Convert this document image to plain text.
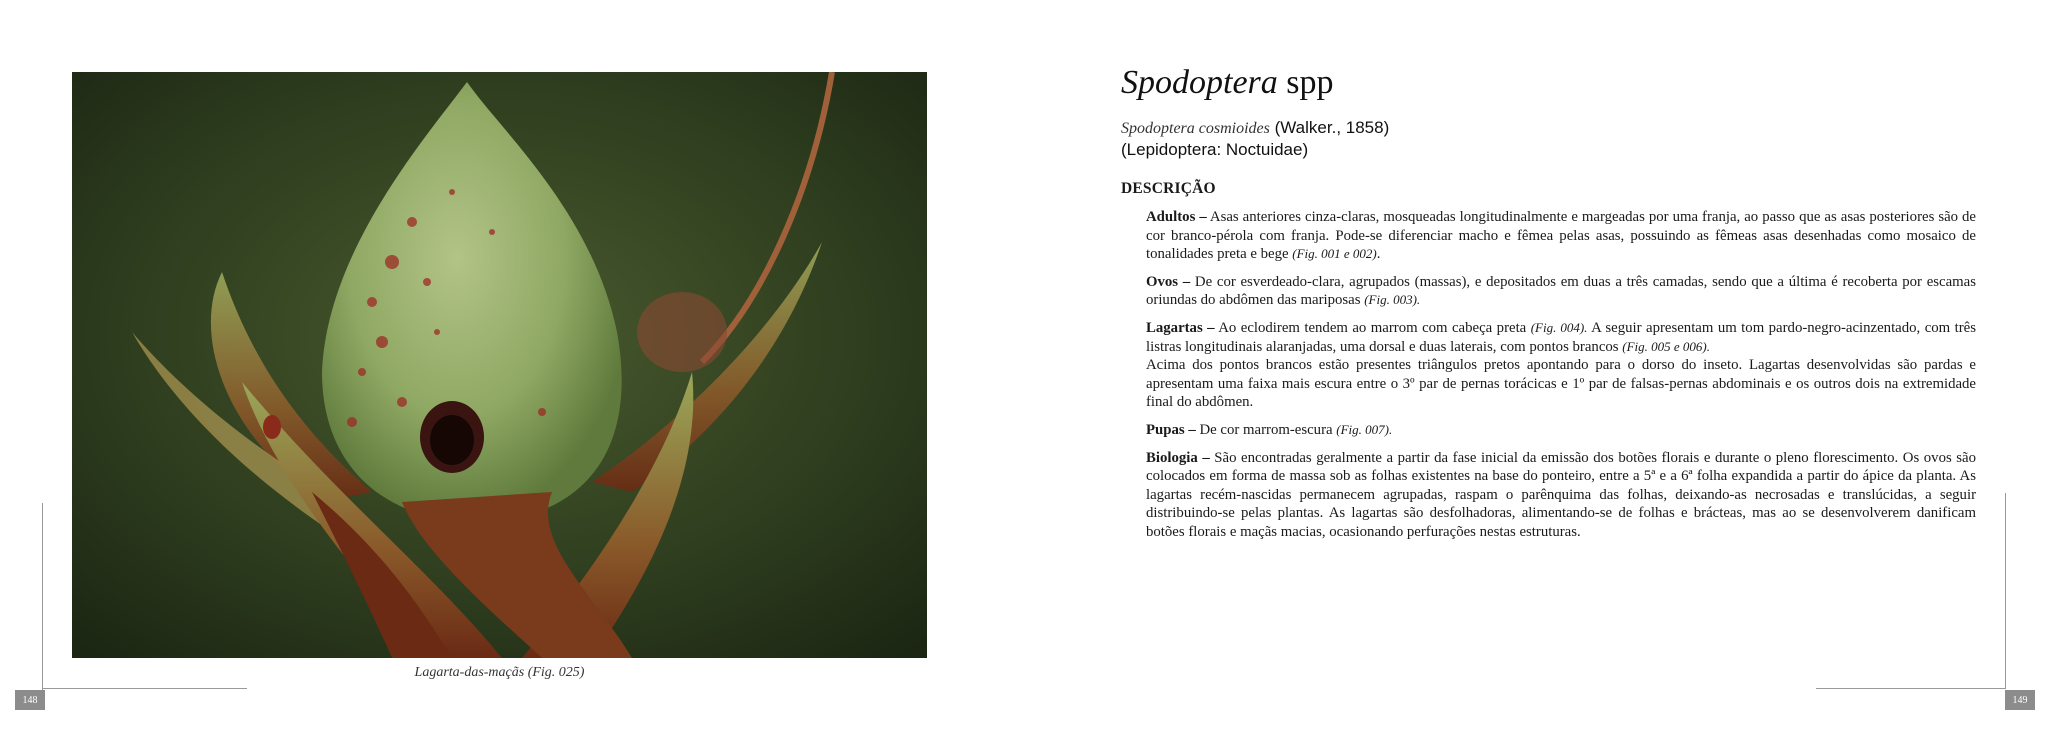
Lagarta-das-maçãs (Fig. 025)
148
Spodoptera spp
Spodoptera cosmioides (Walker., 1858)
(Lepidoptera: Noctuidae)
DESCRIÇÃO

Adultos – Asas anteriores cinza-claras, mosqueadas longitudinalmente e margeadas por uma franja, ao passo que as asas posteriores são de cor branco-pérola com franja. Pode-se diferenciar macho e fêmea pelas asas, possuindo as fêmeas asas desenhadas como mosaico de tonalidades preta e bege (Fig. 001 e 002).

Ovos – De cor esverdeado-clara, agrupados (massas), e depositados em duas a três camadas, sendo que a última é recoberta por escamas oriundas do abdômen das mariposas (Fig. 003).

Lagartas – Ao eclodirem tendem ao marrom com cabeça preta (Fig. 004). A seguir apresentam um tom pardo-negro-acinzentado, com três listras longitudinais alaranjadas, uma dorsal e duas laterais, com pontos brancos (Fig. 005 e 006).
Acima dos pontos brancos estão presentes triângulos pretos apontando para o dorso do inseto. Lagartas desenvolvidas são pardas e apresentam uma faixa mais escura entre o 3º par de pernas torácicas e 1º par de falsas-pernas abdominais e os outros dois na extremidade final do abdômen.

Pupas – De cor marrom-escura (Fig. 007).

Biologia – São encontradas geralmente a partir da fase inicial da emissão dos botões florais e durante o pleno florescimento. Os ovos são colocados em forma de massa sob as folhas existentes na base do ponteiro, entre a 5ª e a 6ª folha expandida a partir do ápice da planta. As lagartas recém-nascidas permanecem agrupadas, raspam o parênquima das folhas, deixando-as necrosadas e translúcidas, a seguir distribuindo-se pelas plantas. As lagartas são desfolhadoras, alimentando-se de folhas e brácteas, mas ao se desenvolverem danificam botões florais e maçãs macias, ocasionando perfurações nestas estruturas.

149
